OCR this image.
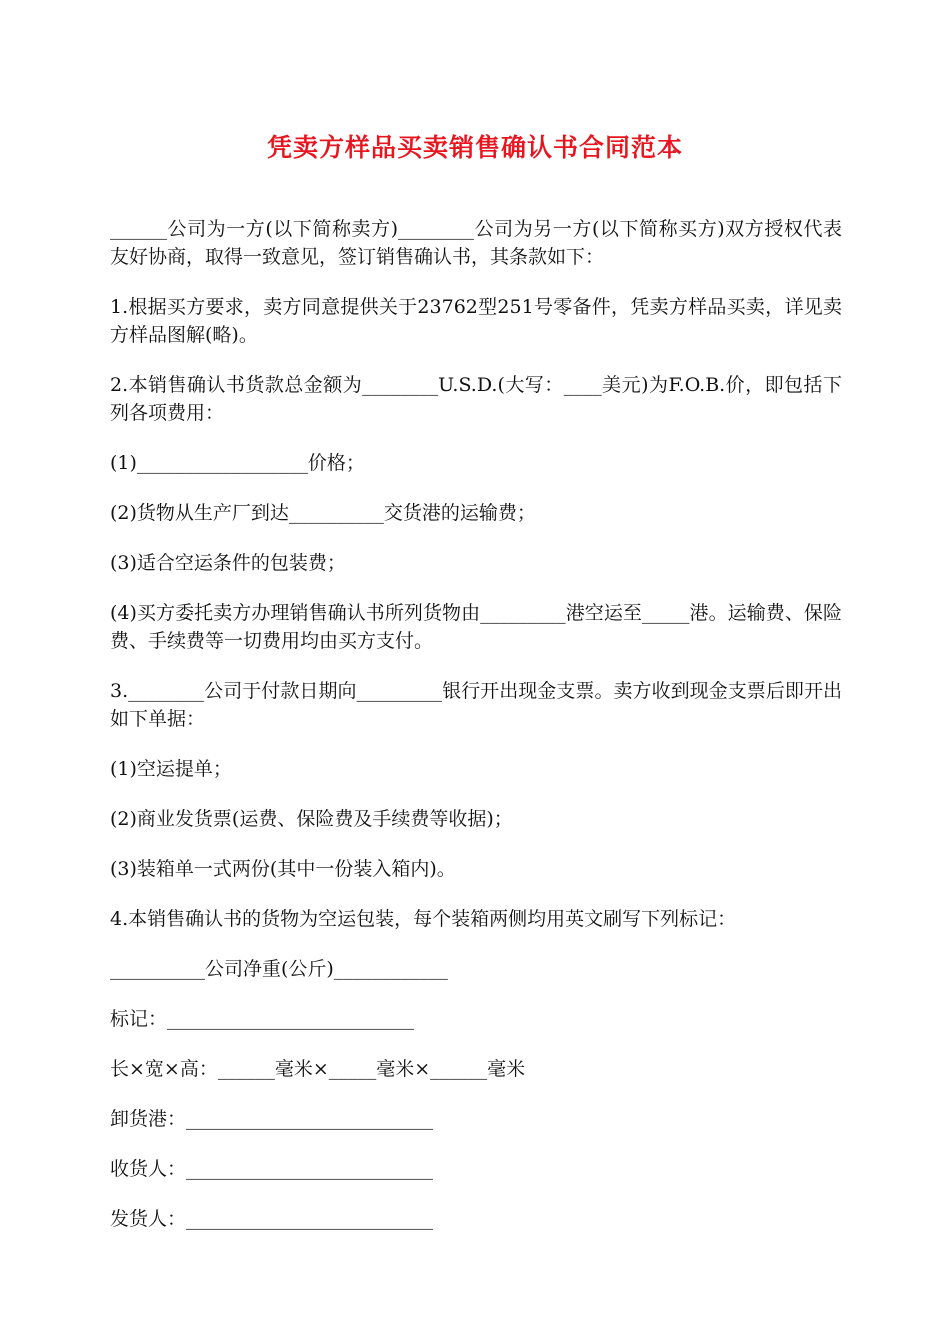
凭卖方样品买卖销售确认书合同范本

______公司为一方(以下简称卖方)________公司为另一方(以下简称买方)双方授权代表友好协商，取得一致意见，签订销售确认书，其条款如下：

1.根据买方要求，卖方同意提供关于23762型251号零备件，凭卖方样品买卖，详见卖方样品图解(略)。

2.本销售确认书货款总金额为________U.S.D.(大写：____美元)为F.O.B.价，即包括下列各项费用：

(1)__________________价格；

(2)货物从生产厂到达__________交货港的运输费；

(3)适合空运条件的包装费；

(4)买方委托卖方办理销售确认书所列货物由_________港空运至_____港。运输费、保险费、手续费等一切费用均由买方支付。

3.________公司于付款日期向_________银行开出现金支票。卖方收到现金支票后即开出如下单据：

(1)空运提单；

(2)商业发货票(运费、保险费及手续费等收据)；

(3)装箱单一式两份(其中一份装入箱内)。

4.本销售确认书的货物为空运包装，每个装箱两侧均用英文刷写下列标记：

__________公司净重(公斤)____________

标记：__________________________

长×宽×高：______毫米×_____毫米×______毫米

卸货港：__________________________

收货人：__________________________

发货人：__________________________
